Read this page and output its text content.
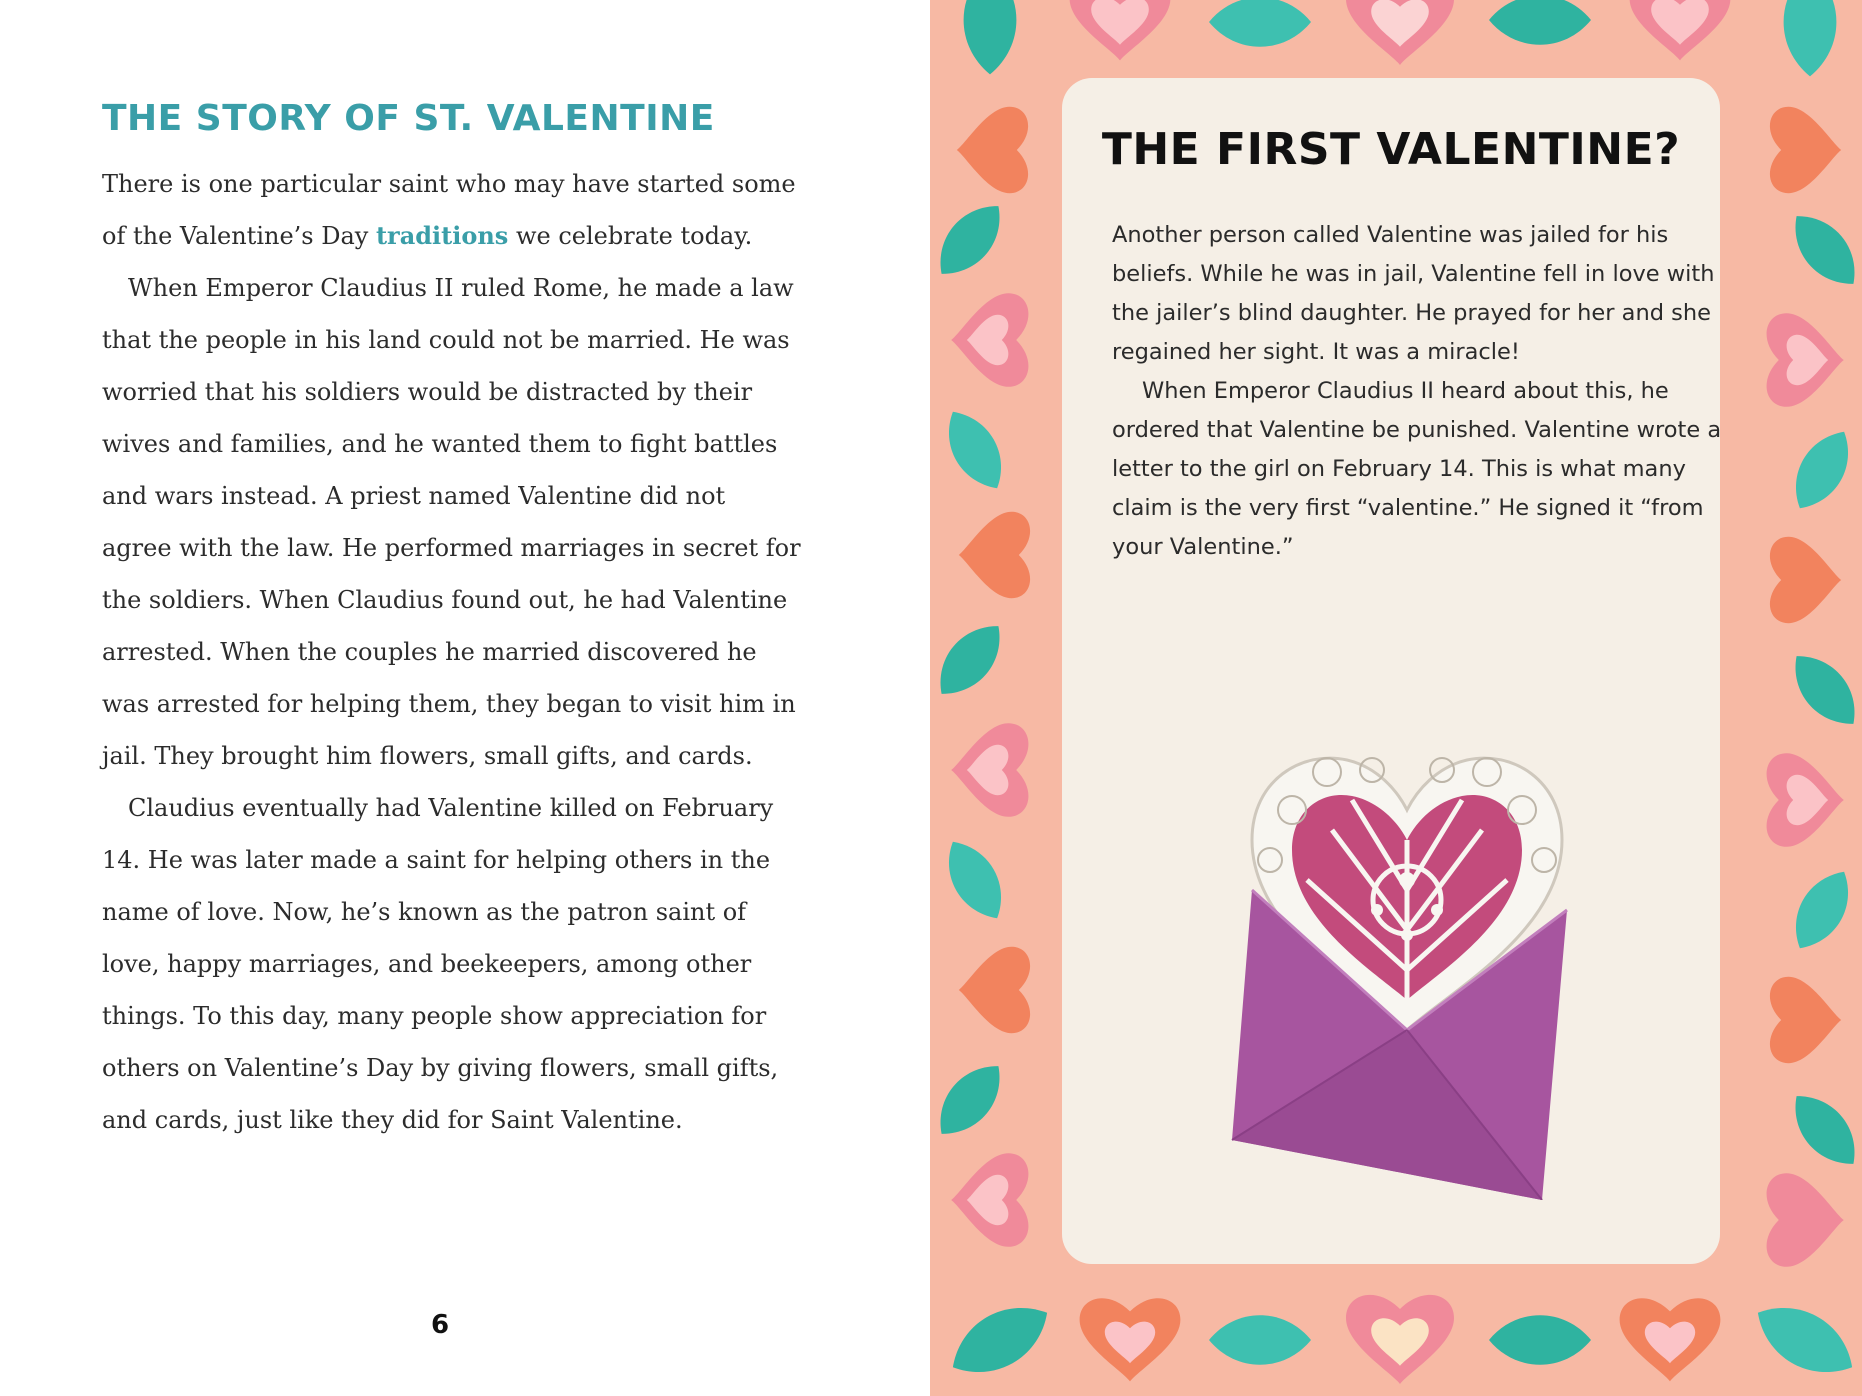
THE STORY OF ST. VALENTINE

There is one particular saint who may have started some of the Valentine’s Day traditions we celebrate today.

When Emperor Claudius II ruled Rome, he made a law that the people in his land could not be married. He was worried that his soldiers would be distracted by their wives and families, and he wanted them to fight battles and wars instead. A priest named Valentine did not agree with the law. He performed marriages in secret for the soldiers. When Claudius found out, he had Valentine arrested. When the couples he married discovered he was arrested for helping them, they began to visit him in jail. They brought him flowers, small gifts, and cards.

Claudius eventually had Valentine killed on February 14. He was later made a saint for helping others in the name of love. Now, he’s known as the patron saint of love, happy marriages, and beekeepers, among other things. To this day, many people show appreciation for others on Valentine’s Day by giving flowers, small gifts, and cards, just like they did for Saint Valentine.

6
THE FIRST VALENTINE?

Another person called Valentine was jailed for his beliefs. While he was in jail, Valentine fell in love with the jailer’s blind daughter. He prayed for her and she regained her sight. It was a miracle!

When Emperor Claudius II heard about this, he ordered that Valentine be punished. Valentine wrote a letter to the girl on February 14. This is what many claim is the very first “valentine.” He signed it “from your Valentine.”
